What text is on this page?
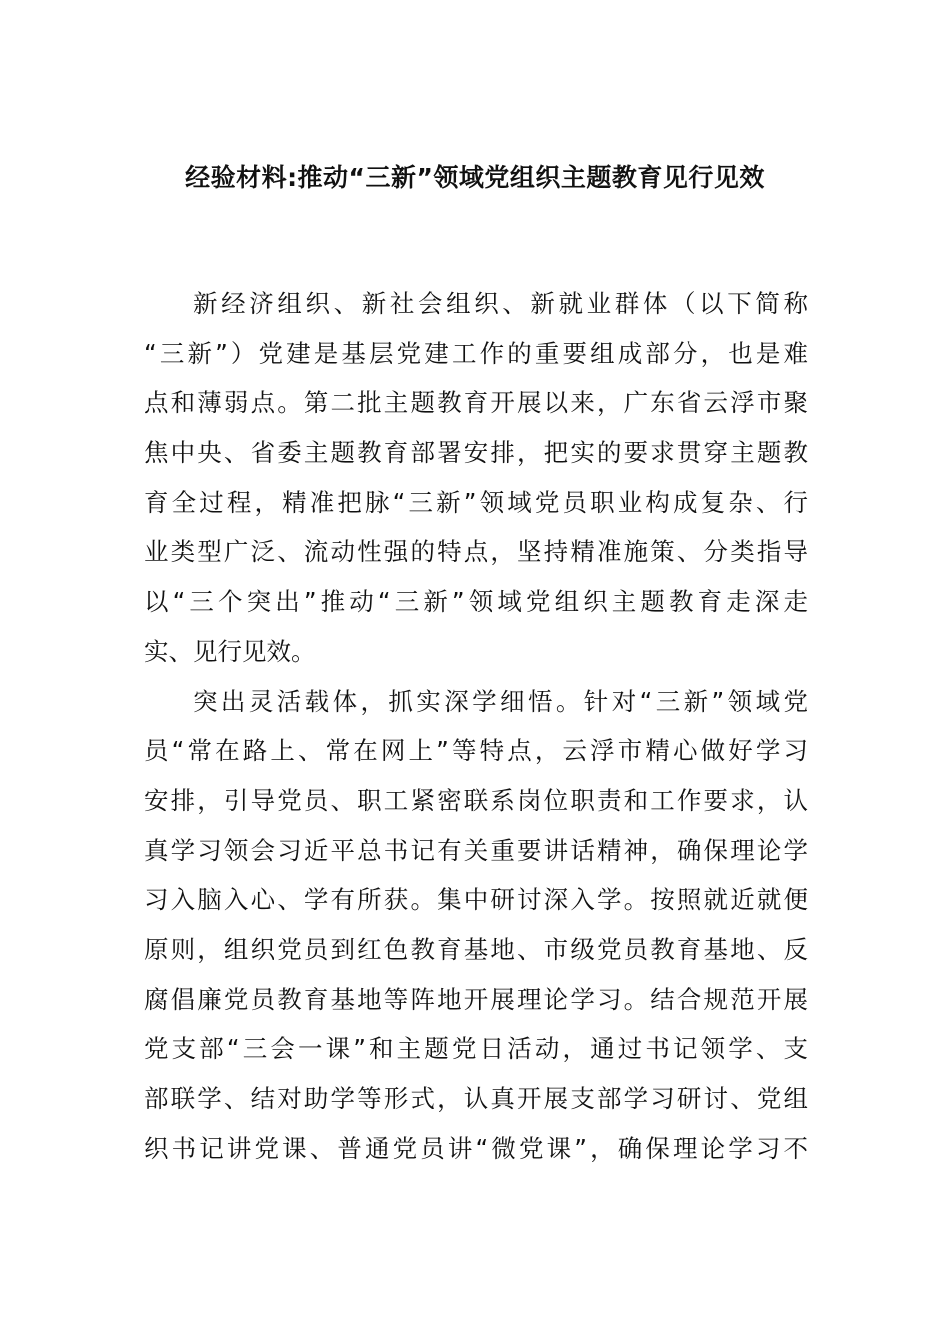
经验材料:推动“三新”领域党组织主题教育见行见效
新经济组织、新社会组织、新就业群体（以下简称
“三新”）党建是基层党建工作的重要组成部分，也是难
点和薄弱点。第二批主题教育开展以来，广东省云浮市聚
焦中央、省委主题教育部署安排，把实的要求贯穿主题教
育全过程，精准把脉“三新”领域党员职业构成复杂、行
业类型广泛、流动性强的特点，坚持精准施策、分类指导
以“三个突出”推动“三新”领域党组织主题教育走深走
实、见行见效。
突出灵活载体，抓实深学细悟。针对“三新”领域党
员“常在路上、常在网上”等特点，云浮市精心做好学习
安排，引导党员、职工紧密联系岗位职责和工作要求，认
真学习领会习近平总书记有关重要讲话精神，确保理论学
习入脑入心、学有所获。集中研讨深入学。按照就近就便
原则，组织党员到红色教育基地、市级党员教育基地、反
腐倡廉党员教育基地等阵地开展理论学习。结合规范开展
党支部“三会一课”和主题党日活动，通过书记领学、支
部联学、结对助学等形式，认真开展支部学习研讨、党组
织书记讲党课、普通党员讲“微党课”，确保理论学习不
